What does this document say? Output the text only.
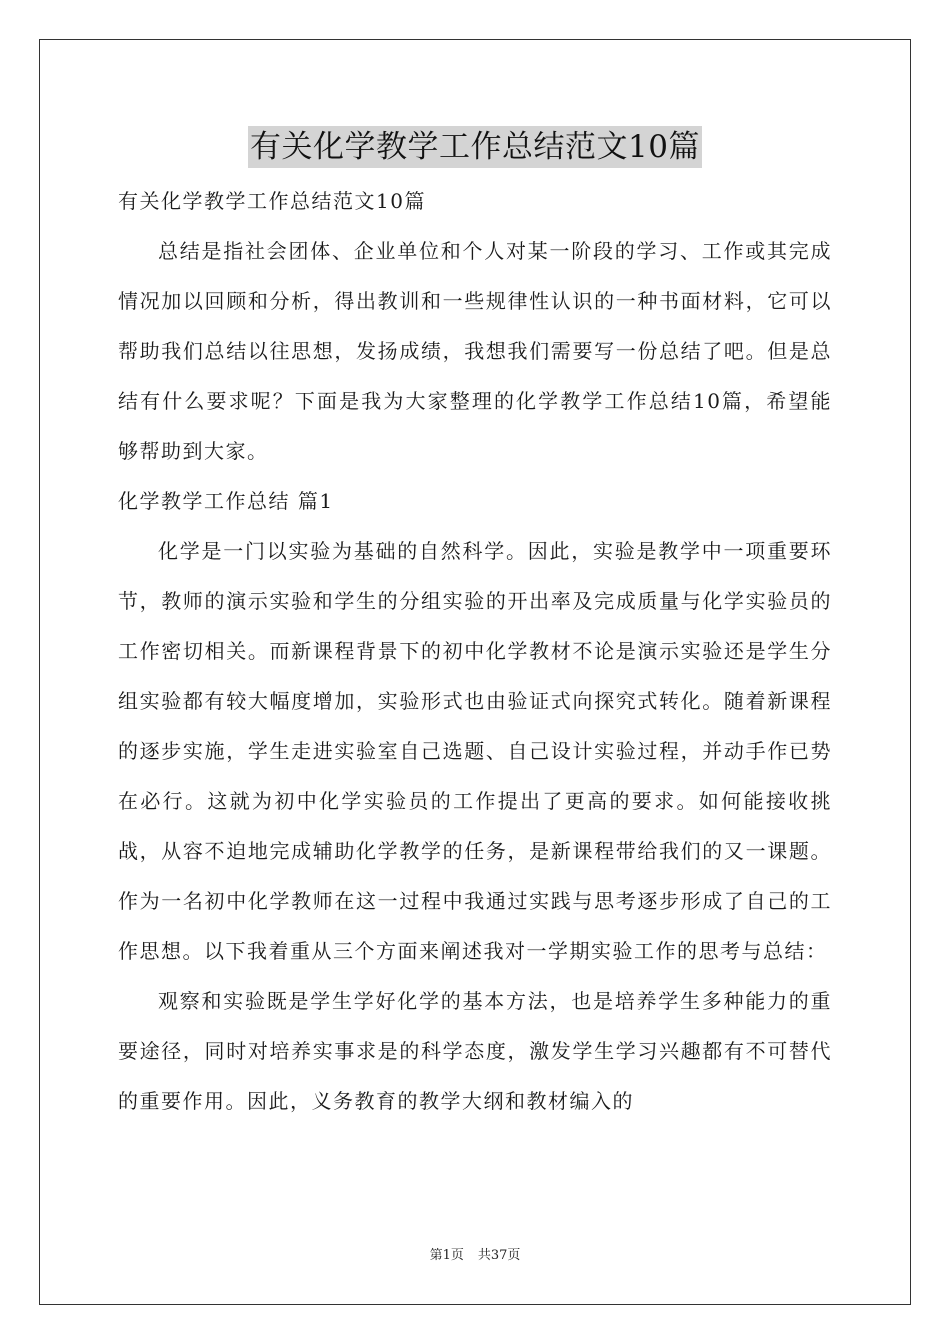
有关化学教学工作总结范文10篇
有关化学教学工作总结范文10篇
总结是指社会团体、企业单位和个人对某一阶段的学习、工作或其完成情况加以回顾和分析，得出教训和一些规律性认识的一种书面材料，它可以帮助我们总结以往思想，发扬成绩，我想我们需要写一份总结了吧。但是总结有什么要求呢？下面是我为大家整理的化学教学工作总结10篇，希望能够帮助到大家。
化学教学工作总结 篇1
化学是一门以实验为基础的自然科学。因此，实验是教学中一项重要环节，教师的演示实验和学生的分组实验的开出率及完成质量与化学实验员的工作密切相关。而新课程背景下的初中化学教材不论是演示实验还是学生分组实验都有较大幅度增加，实验形式也由验证式向探究式转化。随着新课程的逐步实施，学生走进实验室自己选题、自己设计实验过程，并动手作已势在必行。这就为初中化学实验员的工作提出了更高的要求。如何能接收挑战，从容不迫地完成辅助化学教学的任务，是新课程带给我们的又一课题。作为一名初中化学教师在这一过程中我通过实践与思考逐步形成了自己的工作思想。以下我着重从三个方面来阐述我对一学期实验工作的思考与总结：
观察和实验既是学生学好化学的基本方法，也是培养学生多种能力的重要途径，同时对培养实事求是的科学态度，激发学生学习兴趣都有不可替代的重要作用。因此，义务教育的教学大纲和教材编入的
第1页 共37页
